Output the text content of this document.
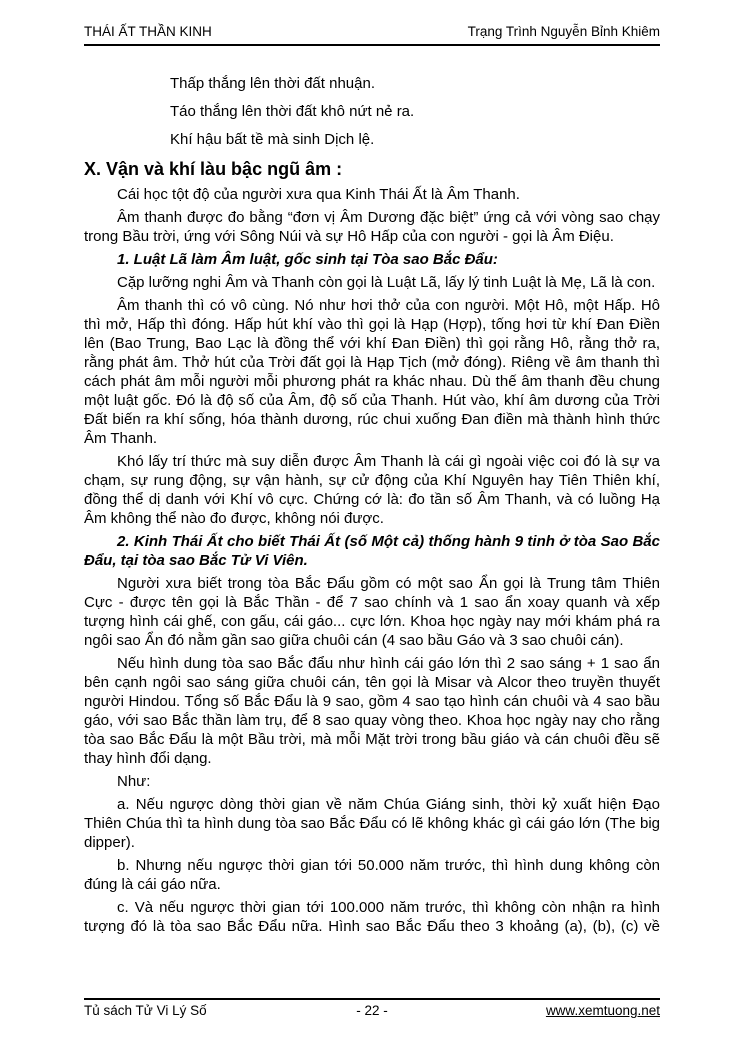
THÁI ẤT THẦN KINH	Trạng Trình Nguyễn Bỉnh Khiêm

Thấp thắng lên thời đất nhuận.

Táo thắng lên thời đất khô nứt nẻ ra.

Khí hậu bất tề mà sinh Dịch lệ.

X. Vận và khí làu bậc ngũ âm :

Cái học tột độ của người xưa qua Kinh Thái Ất là Âm Thanh.

Âm thanh được đo bằng “đơn vị Âm Dương đặc biệt” ứng cả với vòng sao chạy trong Bầu trời, ứng với Sông Núi và sự Hô Hấp của con người - gọi là Âm Điệu.

1. Luật Lã làm Âm luật, gốc sinh tại Tòa sao Bắc Đẩu:

Cặp lưỡng nghi Âm và Thanh còn gọi là Luật Lã, lấy lý tinh Luật là Mẹ, Lã là con.

Âm thanh thì có vô cùng. Nó như hơi thở của con người. Một Hô, một Hấp. Hô thì mở, Hấp thì đóng. Hấp hút khí vào thì gọi là Hạp (Hợp), tống hơi từ khí Đan Điền lên (Bao Trung, Bao Lạc là đồng thể với khí Đan Điền) thì gọi rằng Hô, rằng thở ra, rằng phát âm. Thở hút của Trời đất gọi là Hạp Tịch (mở đóng). Riêng về âm thanh thì cách phát âm mỗi người mỗi phương phát ra khác nhau. Dù thế âm thanh đều chung một luật gốc. Đó là độ số của Âm, độ số của Thanh. Hút vào, khí âm dương của Trời Đất biến ra khí sống, hóa thành dương, rúc chui xuống Đan điền mà thành hình thức Âm Thanh.

Khó lấy trí thức mà suy diễn được Âm Thanh là cái gì ngoài việc coi đó là sự va chạm, sự rung động, sự vận hành, sự cử động của Khí Nguyên hay Tiên Thiên khí, đồng thể dị danh với Khí vô cực. Chứng cớ là: đo tần số Âm Thanh, và có luồng Hạ Âm không thể nào đo được, không nói được.

2. Kinh Thái Ất cho biết Thái Ất (số Một cả) thống hành 9 tinh ở tòa Sao Bắc Đẩu, tại tòa sao Bắc Tử Vi Viên.

Người xưa biết trong tòa Bắc Đẩu gồm có một sao Ẩn gọi là Trung tâm Thiên Cực - được tên gọi là Bắc Thần - để 7 sao chính và 1 sao ẩn xoay quanh và xếp tượng hình cái ghế, con gấu, cái gáo... cực lớn. Khoa học ngày nay mới khám phá ra ngôi sao Ẩn đó nằm gần sao giữa chuôi cán (4 sao bầu Gáo và 3 sao chuôi cán).

Nếu hình dung tòa sao Bắc đẩu như hình cái gáo lớn thì 2 sao sáng + 1 sao ẩn bên cạnh ngôi sao sáng giữa chuôi cán, tên gọi là Misar và Alcor theo truyền thuyết người Hindou. Tổng số Bắc Đẩu là 9 sao, gồm 4 sao tạo hình cán chuôi và 4 sao bầu gáo, với sao Bắc thần làm trụ, để 8 sao quay vòng theo. Khoa học ngày nay cho rằng tòa sao Bắc Đẩu là một Bầu trời, mà mỗi Mặt trời trong bầu giáo và cán chuôi đều sẽ thay hình đổi dạng.

Như:

a. Nếu ngược dòng thời gian về năm Chúa Giáng sinh, thời kỷ xuất hiện Đạo Thiên Chúa thì ta hình dung tòa sao Bắc Đẩu có lẽ không khác gì cái gáo lớn (The big dipper).

b. Nhưng nếu ngược thời gian tới 50.000 năm trước, thì hình dung không còn đúng là cái gáo nữa.

c. Và nếu ngược thời gian tới 100.000 năm trước, thì không còn nhận ra hình tượng đó là tòa sao Bắc Đẩu nữa. Hình sao Bắc Đẩu theo 3 khoảng (a), (b), (c) về

Tủ sách Tử Vi Lý Số	- 22 -	www.xemtuong.net
